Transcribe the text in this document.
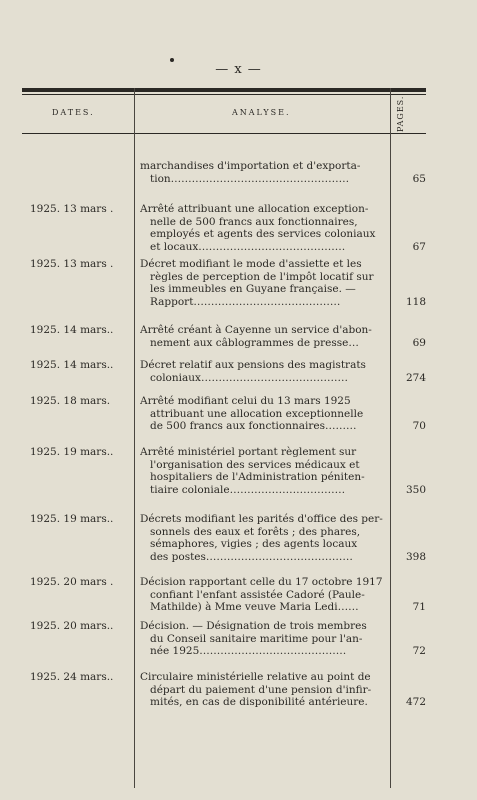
— x —
DATES.	ANALYSE.	PAGES.
marchandises d'importation et d'exporta-
tion……………………………………………	65
1925. 13 mars .	Arrêté attribuant une allocation exception-
nelle de 500 francs aux fonctionnaires,
employés et agents des services coloniaux
et locaux……………………………………	67
1925. 13 mars .	Décret modifiant le mode d'assiette et les
règles de perception de l'impôt locatif sur
les immeubles en Guyane française. —
Rapport……………………………………	118
1925. 14 mars..	Arrêté créant à Cayenne un service d'abon-
nement aux câblogrammes de presse…	69
1925. 14 mars..	Décret relatif aux pensions des magistrats
coloniaux……………………………………	274
1925. 18 mars.	Arrêté modifiant celui du 13 mars 1925
attribuant une allocation exceptionnelle
de 500 francs aux fonctionnaires………	70
1925. 19 mars..	Arrêté ministériel portant règlement sur
l'organisation des services médicaux et
hospitaliers de l'Administration péniten-
tiaire coloniale……………………………	350
1925. 19 mars..	Décrets modifiant les parités d'office des per-
sonnels des eaux et forêts ; des phares,
sémaphores, vigies ; des agents locaux
des postes……………………………………	398
1925. 20 mars .	Décision rapportant celle du 17 octobre 1917
confiant l'enfant assistée Cadoré (Paule-
Mathilde) à Mme veuve Maria Ledi……	71
1925. 20 mars..	Décision. — Désignation de trois membres
du Conseil sanitaire maritime pour l'an-
née 1925……………………………………	72
1925. 24 mars..	Circulaire ministérielle relative au point de
départ du paiement d'une pension d'infir-
mités, en cas de disponibilité antérieure.	472
